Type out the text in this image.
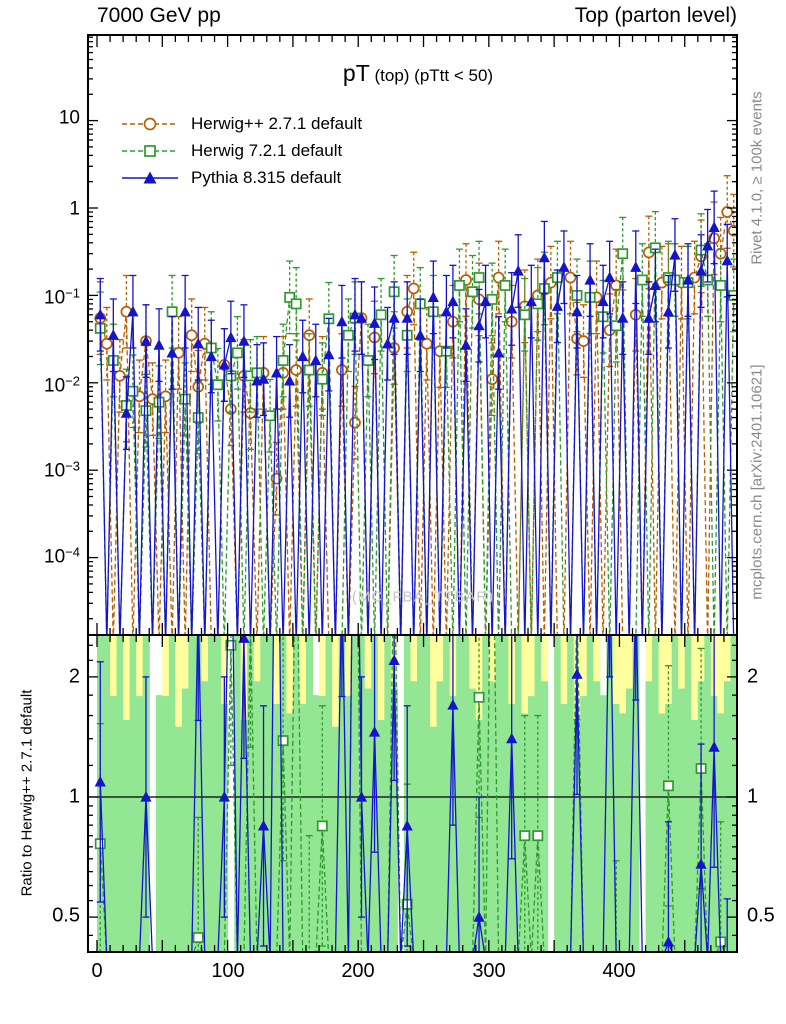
7000 GeV pp	Top (parton level)
pT (top) (pTtt < 50)
Herwig++ 2.7.1 default
Herwig 7.2.1 default
Pythia 8.315 default
10
1
$10^{-1}$
$10^{-2}$
$10^{-3}$
$10^{-4}$
2
1
0.5
2
1
0.5
0	100	200	300	400
Ratio to Herwig++ 2.7.1 default
Rivet 4.1.0, ≥ 100k events
mcplots.cern.ch [arXiv:2401.10621]
(MC_FBA_TTBAR)
